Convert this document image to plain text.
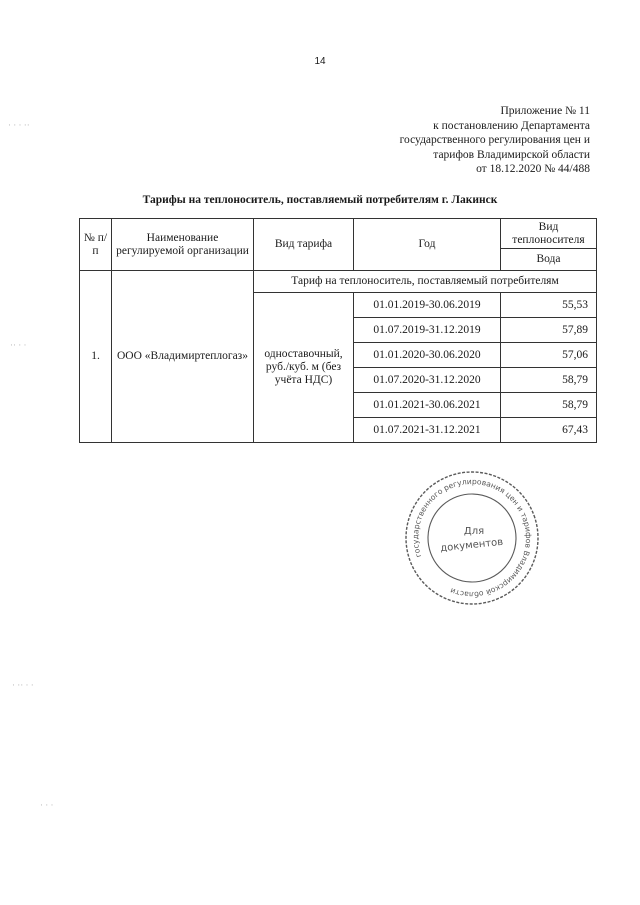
14
Приложение № 11
к постановлению Департамента
государственного регулирования цен и
тарифов Владимирской области
от 18.12.2020 № 44/488
Тарифы на теплоноситель, поставляемый потребителям г. Лакинск
№ п/п	Наименование регулируемой организации	Вид тарифа	Год	Вид теплоносителя
				Вода
1.	ООО «Владимиртеплогаз»	Тариф на теплоноситель, поставляемый потребителям		
		одноставочный, руб./куб. м (без учёта НДС)	01.01.2019-30.06.2019	55,53
			01.07.2019-31.12.2019	57,89
			01.01.2020-30.06.2020	57,06
			01.07.2020-31.12.2020	58,79
			01.01.2021-30.06.2021	58,79
			01.07.2021-31.12.2021	67,43
государственного регулирования цен и тарифов Владимирской области
Для
документов
· · · ··
·· · ·
· ·· · ·
· · ·
